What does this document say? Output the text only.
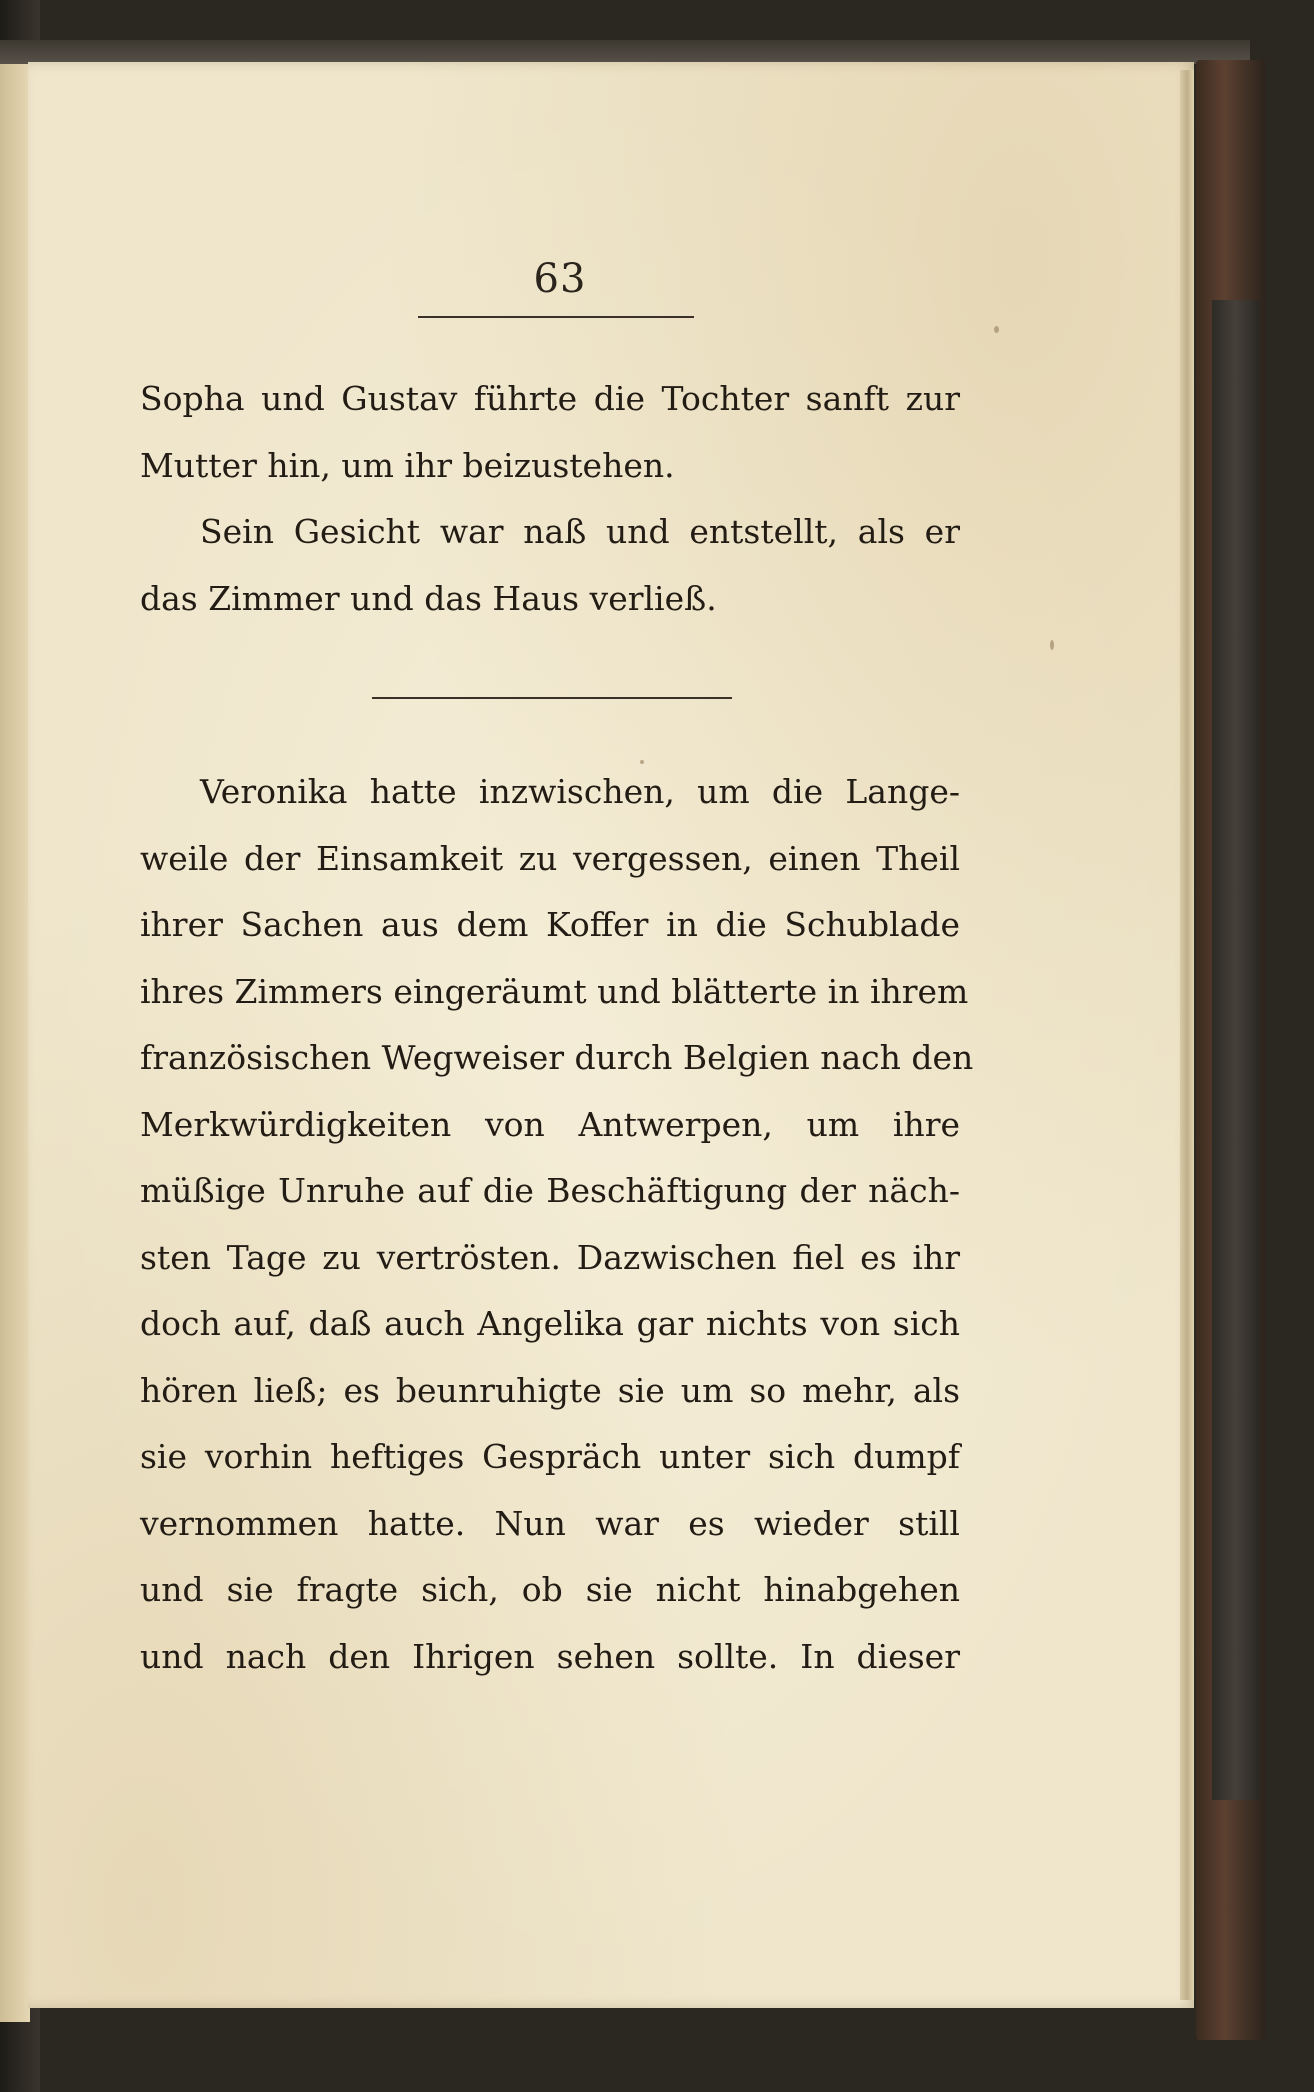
63
Sopha und Gustav führte die Tochter sanft zur
Mutter hin, um ihr beizustehen.
Sein Gesicht war naß und entstellt, als er
das Zimmer und das Haus verließ.
Veronika hatte inzwischen, um die Lange-
weile der Einsamkeit zu vergessen, einen Theil
ihrer Sachen aus dem Koffer in die Schublade
ihres Zimmers eingeräumt und blätterte in ihrem
französischen Wegweiser durch Belgien nach den
Merkwürdigkeiten von Antwerpen, um ihre
müßige Unruhe auf die Beschäftigung der näch-
sten Tage zu vertrösten. Dazwischen fiel es ihr
doch auf, daß auch Angelika gar nichts von sich
hören ließ; es beunruhigte sie um so mehr, als
sie vorhin heftiges Gespräch unter sich dumpf
vernommen hatte. Nun war es wieder still
und sie fragte sich, ob sie nicht hinabgehen
und nach den Ihrigen sehen sollte. In dieser
